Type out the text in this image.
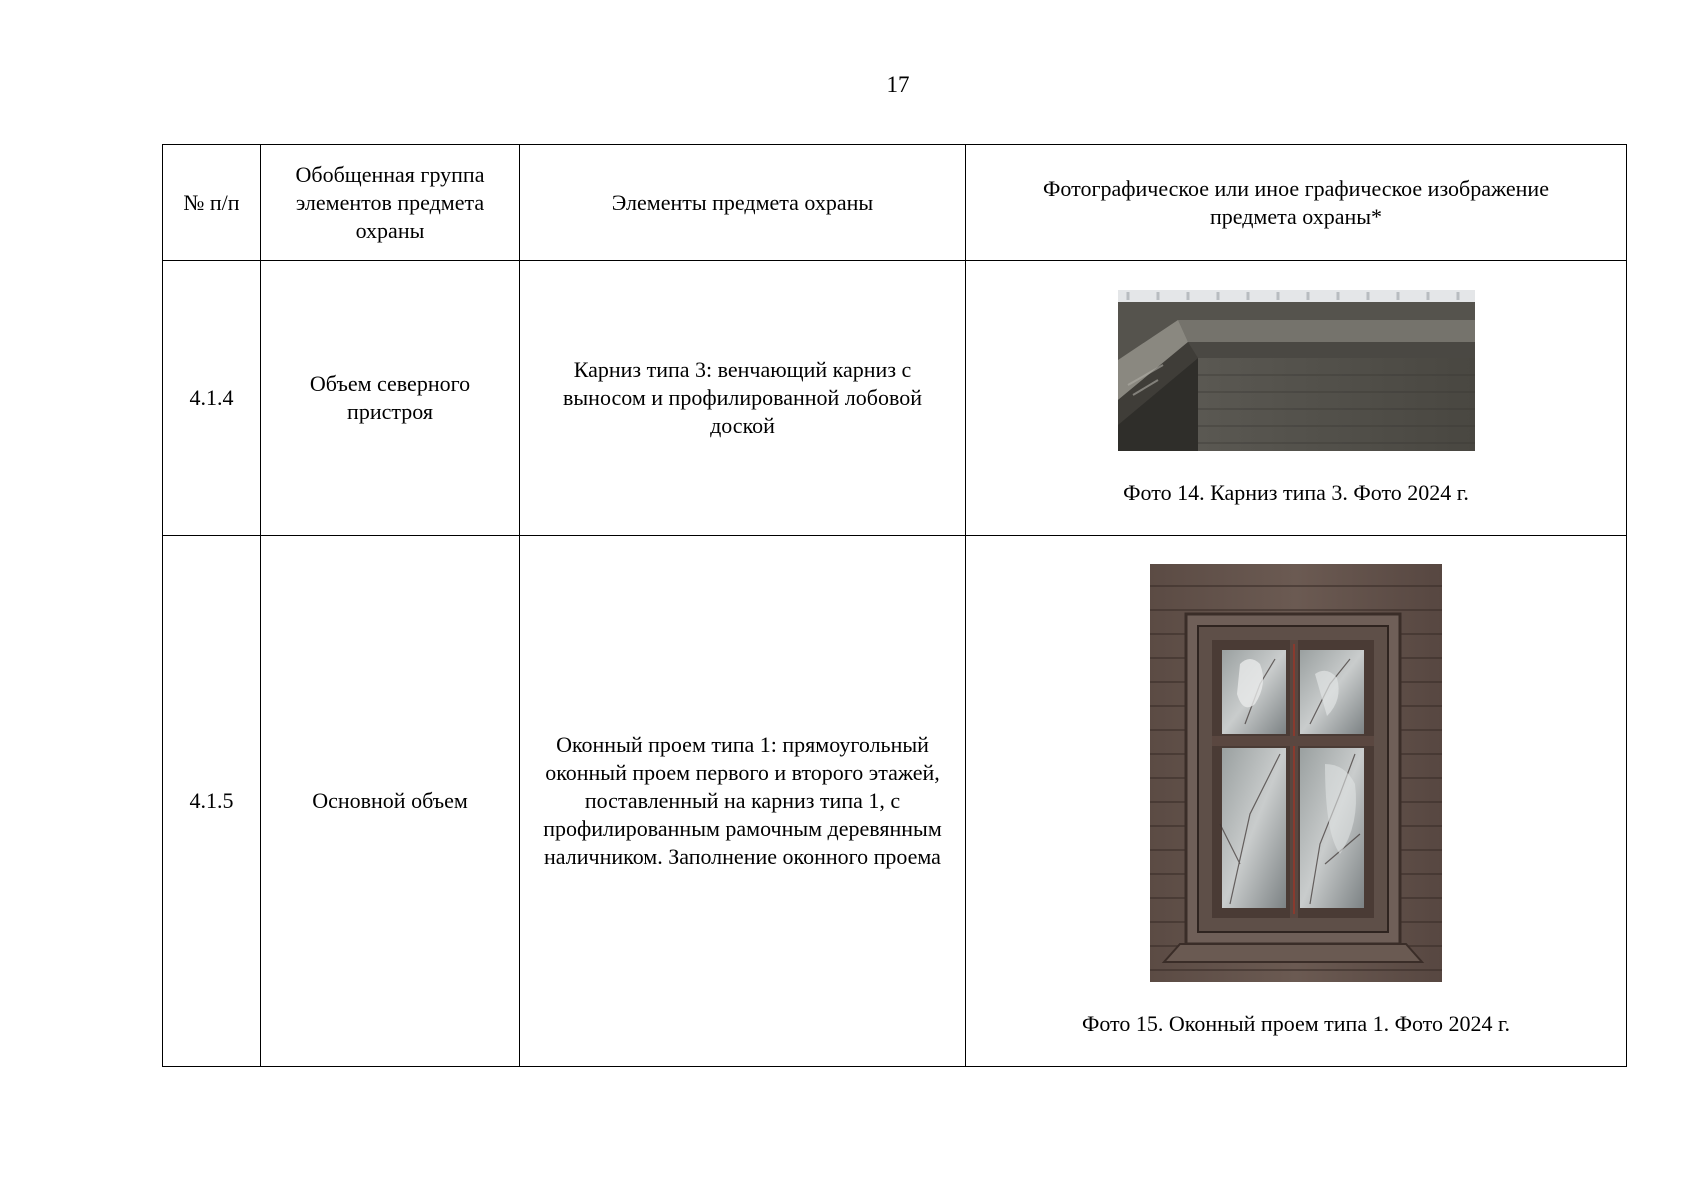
17
№ п/п	Обобщенная группа элементов предмета охраны	Элементы предмета охраны	Фотографическое или иное графическое изображение предмета охраны*
4.1.4	Объем северного пристроя	Карниз типа 3: венчающий карниз с выносом и профилированной лобовой доской	Фото 14. Карниз типа 3. Фото 2024 г.

4.1.5	Основной объем	Оконный проем типа 1: прямоугольный оконный проем первого и второго этажей, поставленный на карниз типа 1, с профилированным рамочным деревянным наличником. Заполнение оконного проема	Фото 15. Оконный проем типа 1. Фото 2024 г.
